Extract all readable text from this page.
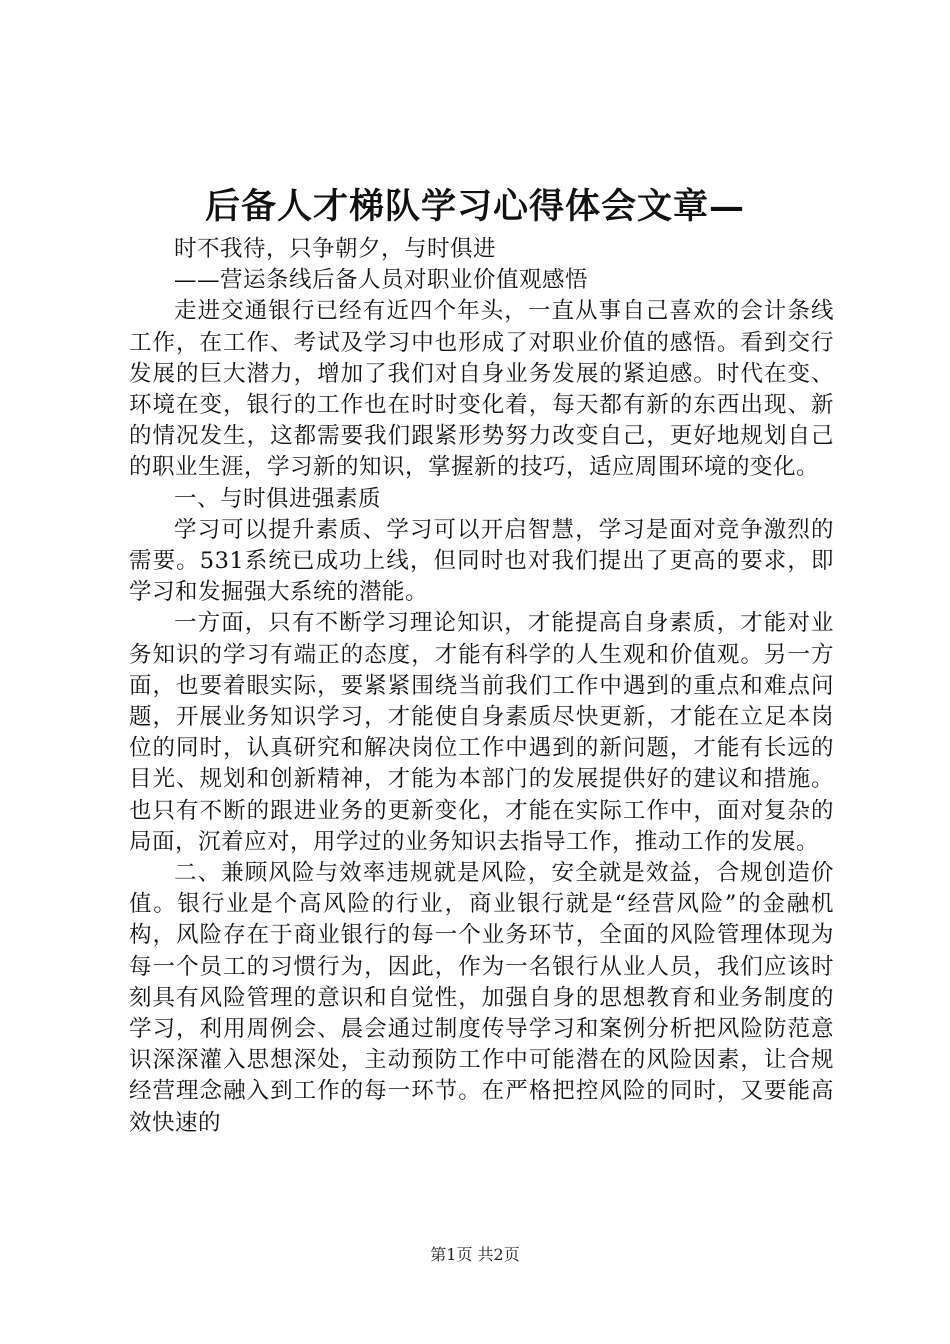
后备人才梯队学习心得体会文章—

时不我待，只争朝夕，与时俱进

——营运条线后备人员对职业价值观感悟

走进交通银行已经有近四个年头，一直从事自己喜欢的会计条线工作，在工作、考试及学习中也形成了对职业价值的感悟。看到交行发展的巨大潜力，增加了我们对自身业务发展的紧迫感。时代在变、环境在变，银行的工作也在时时变化着，每天都有新的东西出现、新的情况发生，这都需要我们跟紧形势努力改变自己，更好地规划自己的职业生涯，学习新的知识，掌握新的技巧，适应周围环境的变化。

一、与时俱进强素质

学习可以提升素质、学习可以开启智慧，学习是面对竞争激烈的需要。531系统已成功上线，但同时也对我们提出了更高的要求，即学习和发掘强大系统的潜能。

一方面，只有不断学习理论知识，才能提高自身素质，才能对业务知识的学习有端正的态度，才能有科学的人生观和价值观。另一方面，也要着眼实际，要紧紧围绕当前我们工作中遇到的重点和难点问题，开展业务知识学习，才能使自身素质尽快更新，才能在立足本岗位的同时，认真研究和解决岗位工作中遇到的新问题，才能有长远的目光、规划和创新精神，才能为本部门的发展提供好的建议和措施。也只有不断的跟进业务的更新变化，才能在实际工作中，面对复杂的局面，沉着应对，用学过的业务知识去指导工作，推动工作的发展。

二、兼顾风险与效率违规就是风险，安全就是效益，合规创造价值。银行业是个高风险的行业，商业银行就是“经营风险”的金融机构，风险存在于商业银行的每一个业务环节，全面的风险管理体现为每一个员工的习惯行为，因此，作为一名银行从业人员，我们应该时刻具有风险管理的意识和自觉性，加强自身的思想教育和业务制度的学习，利用周例会、晨会通过制度传导学习和案例分析把风险防范意识深深灌入思想深处，主动预防工作中可能潜在的风险因素，让合规经营理念融入到工作的每一环节。在严格把控风险的同时，又要能高效快速的

第1页 共2页
